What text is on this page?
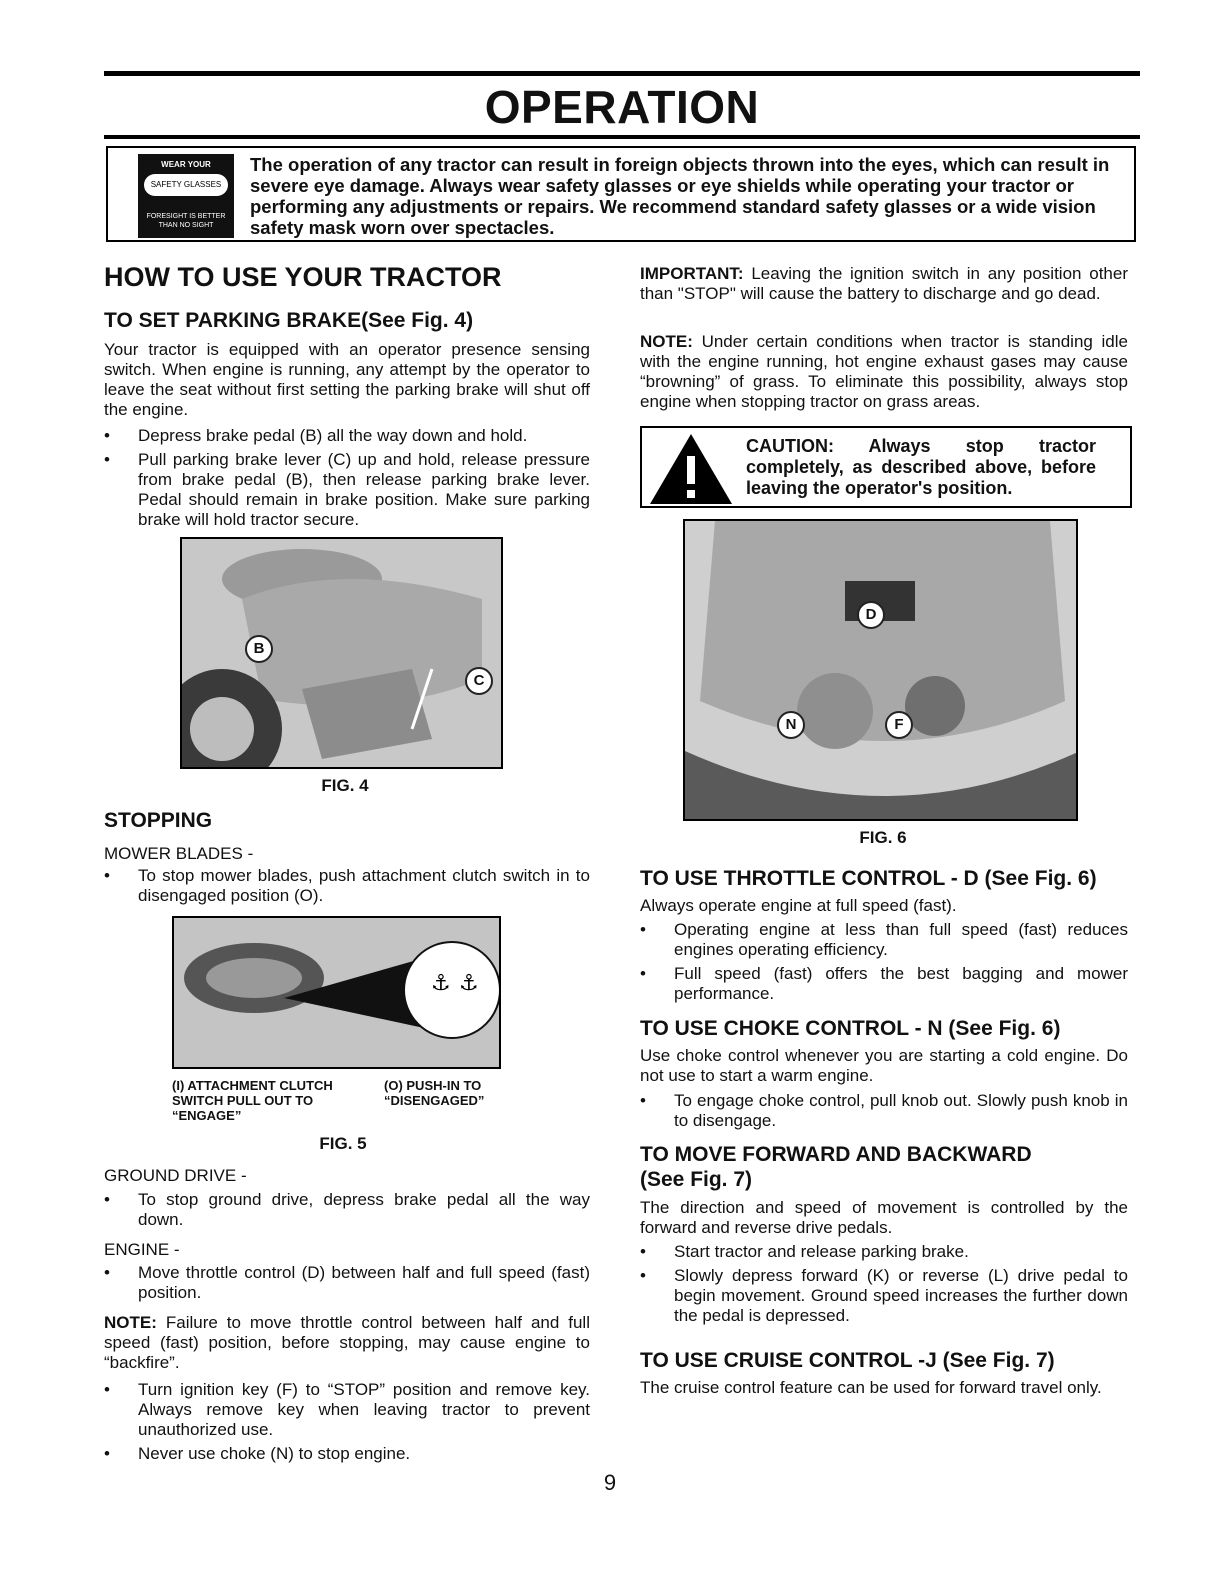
OPERATION
WEAR YOUR
SAFETY GLASSES
FORESIGHT IS BETTER THAN NO SIGHT
The operation of any tractor can result in foreign objects thrown into the eyes, which can result in severe eye damage. Always wear safety glasses or eye shields while operating your tractor or performing any adjustments or repairs. We recommend standard safety glasses or a wide vision safety mask worn over spectacles.
HOW TO USE YOUR TRACTOR
TO SET PARKING BRAKE(See Fig. 4)

Your tractor is equipped with an operator presence sensing switch. When engine is running, any attempt by the operator to leave the seat without first setting the parking brake will shut off the engine.

• Depress brake pedal (B) all the way down and hold.
• Pull parking brake lever (C) up and hold, release pressure from brake pedal (B), then release parking brake lever. Pedal should remain in brake position. Make sure parking brake will hold tractor secure.
B
C
FIG. 4
STOPPING

MOWER BLADES -

• To stop mower blades, push attachment clutch switch in to disengaged position (O).
⚓ ⚓
(I) ATTACHMENT CLUTCH SWITCH PULL OUT TO “ENGAGE”
(O) PUSH-IN TO “DISENGAGED”
FIG. 5

GROUND DRIVE -

• To stop ground drive, depress brake pedal all the way down.

ENGINE -

• Move throttle control (D) between half and full speed (fast) position.

NOTE: Failure to move throttle control between half and full speed (fast) position, before stopping, may cause engine to “backfire”.

• Turn ignition key (F) to “STOP” position and remove key. Always remove key when leaving tractor to prevent unauthorized use.
• Never use choke (N) to stop engine.

IMPORTANT: Leaving the ignition switch in any position other than "STOP" will cause the battery to discharge and go dead.

NOTE: Under certain conditions when tractor is standing idle with the engine running, hot engine exhaust gases may cause “browning” of grass. To eliminate this possibility, always stop engine when stopping tractor on grass areas.

CAUTION: Always stop tractor completely, as described above, before leaving the operator's position.
D
N	F
FIG. 6
TO USE THROTTLE CONTROL - D (See Fig. 6)

Always operate engine at full speed (fast).

• Operating engine at less than full speed (fast) reduces engines operating efficiency.
• Full speed (fast) offers the best bagging and mower performance.
TO USE CHOKE CONTROL - N (See Fig. 6)

Use choke control whenever you are starting a cold engine. Do not use to start a warm engine.

• To engage choke control, pull knob out. Slowly push knob in to disengage.
TO MOVE FORWARD AND BACKWARD (See Fig. 7)

The direction and speed of movement is controlled by the forward and reverse drive pedals.

• Start tractor and release parking brake.
• Slowly depress forward (K) or reverse (L) drive pedal to begin movement. Ground speed increases the further down the pedal is depressed.
TO USE CRUISE CONTROL -J (See Fig. 7)

The cruise control feature can be used for forward travel only.

9
